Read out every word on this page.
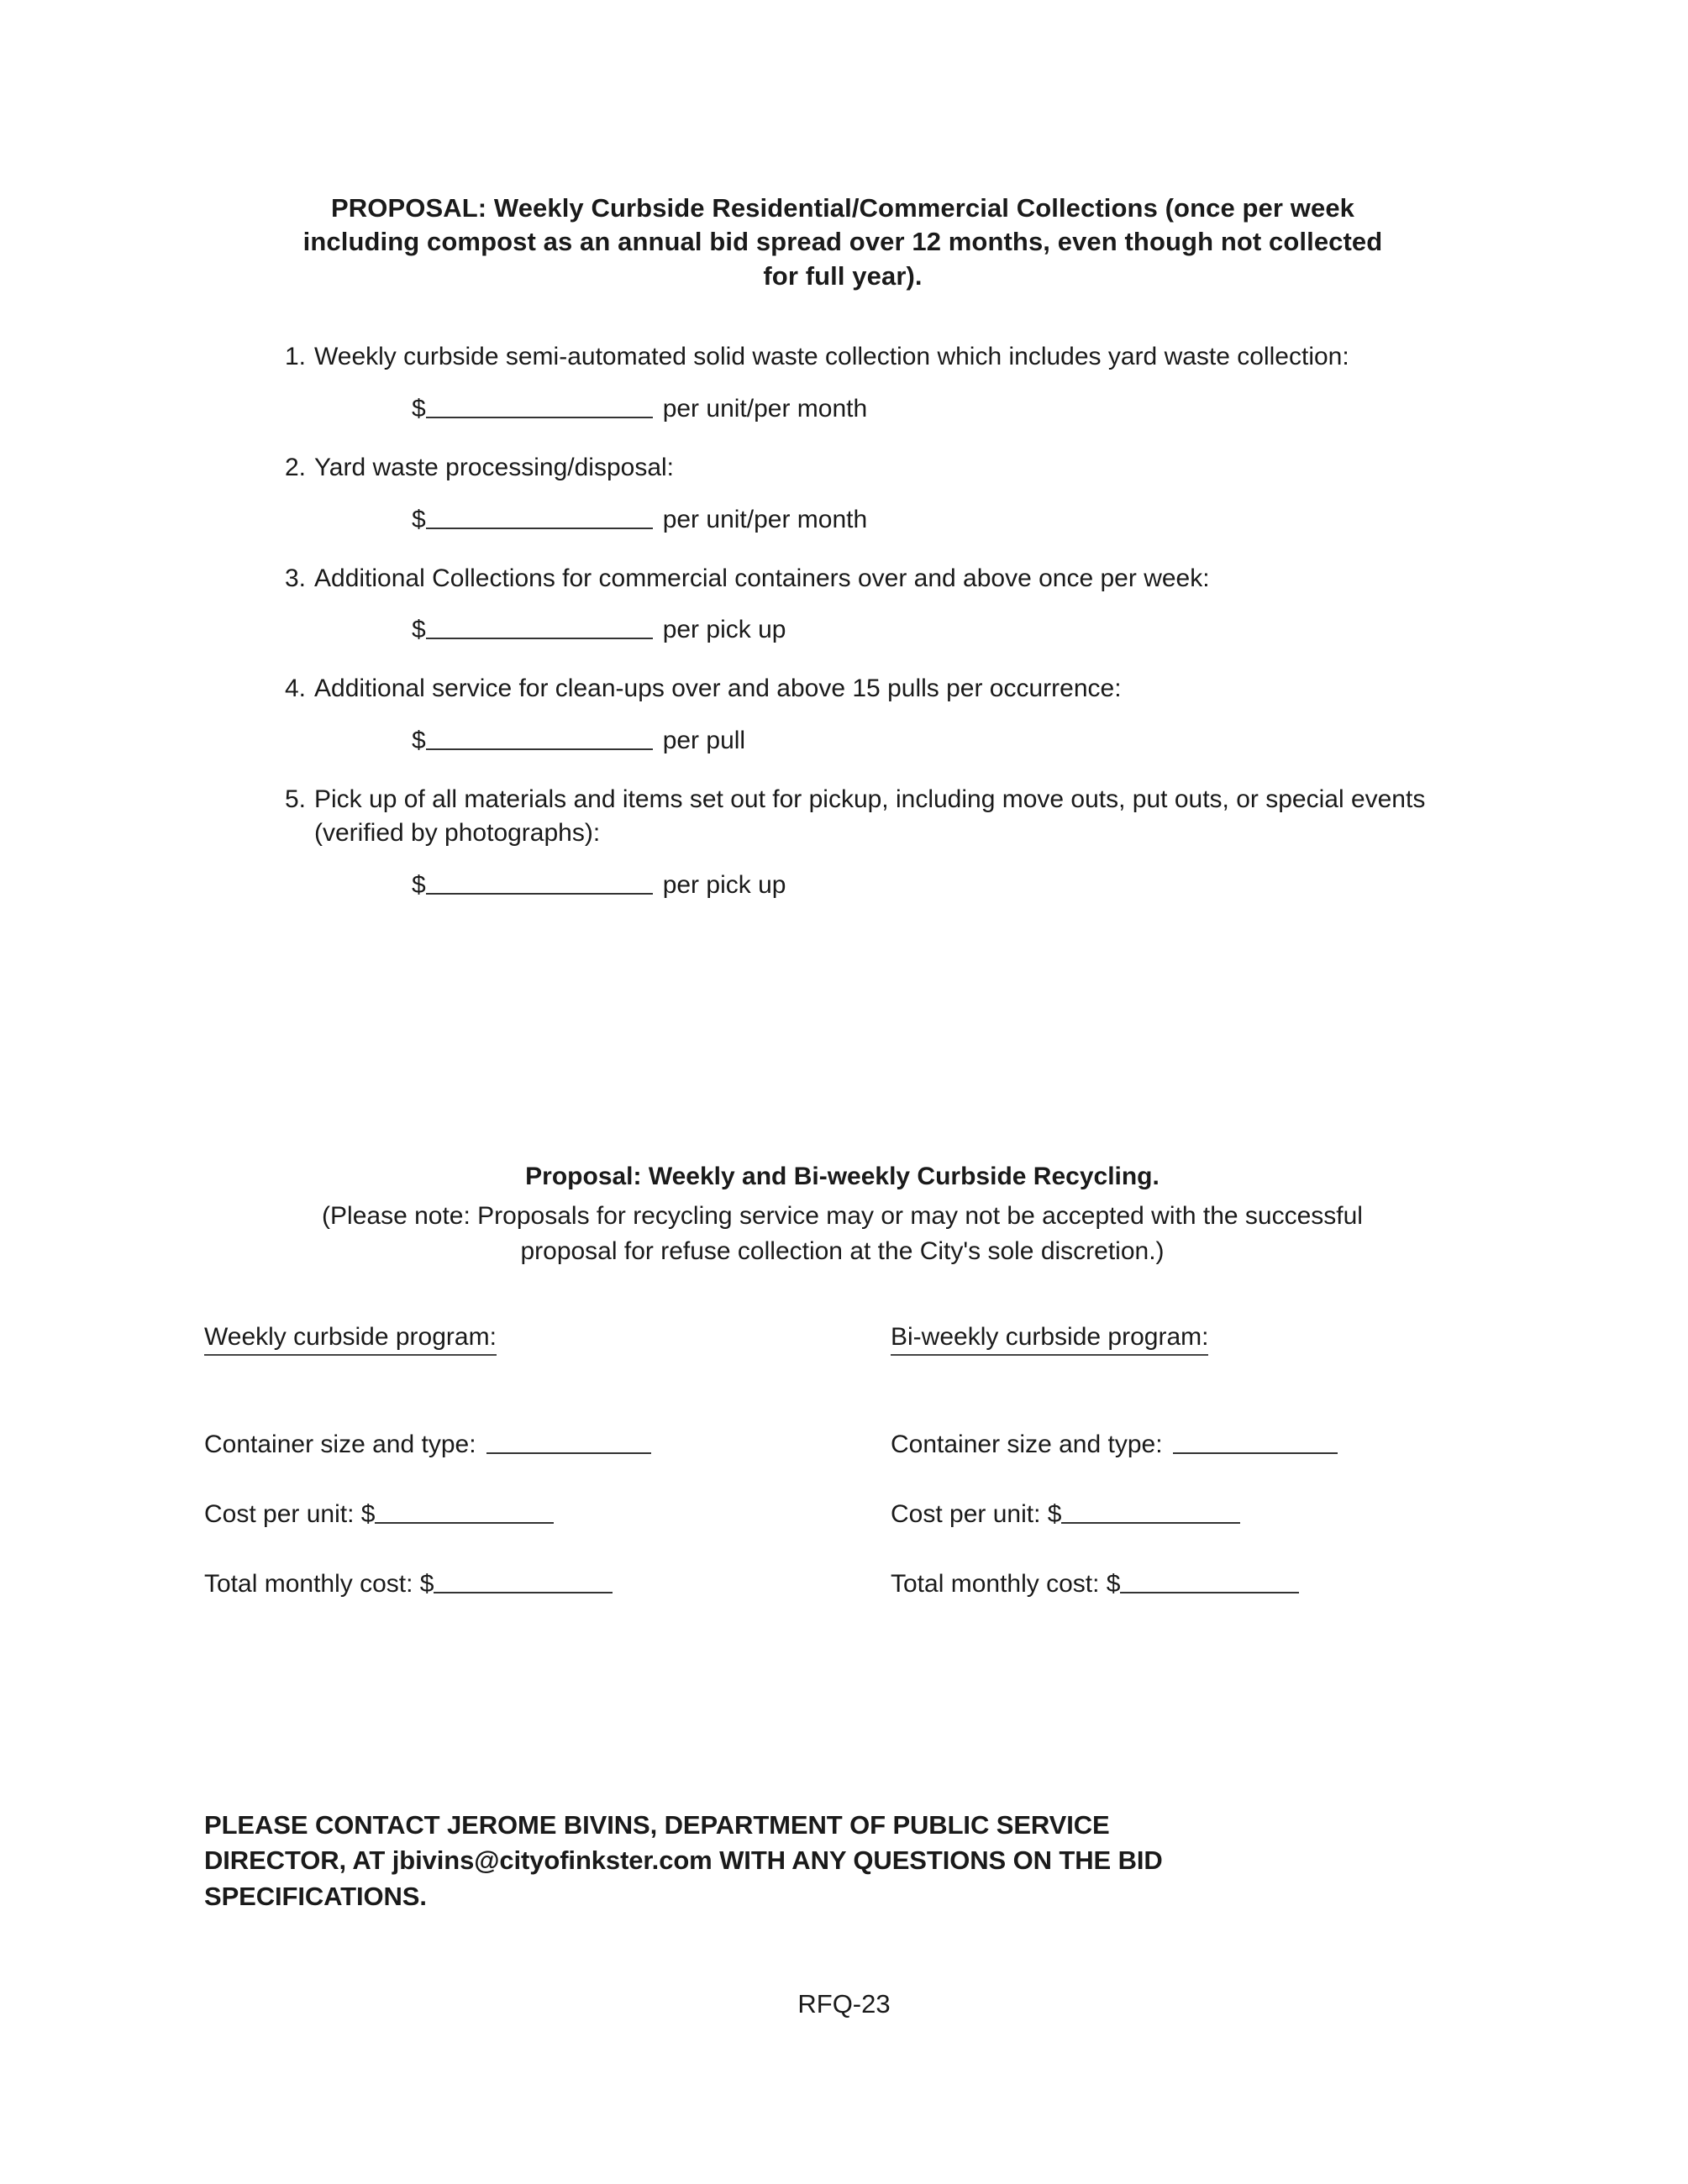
PROPOSAL: Weekly Curbside Residential/Commercial Collections (once per week
including compost as an annual bid spread over 12 months, even though not collected
for full year).
1. Weekly curbside semi-automated solid waste collection which includes yard waste collection:
$	per unit/per month
2. Yard waste processing/disposal:
$	per unit/per month
3. Additional Collections for commercial containers over and above once per week:
$	per pick up
4. Additional service for clean-ups over and above 15 pulls per occurrence:
$	per pull
5. Pick up of all materials and items set out for pickup, including move outs, put outs, or special events (verified by photographs):
$	per pick up
Proposal: Weekly and Bi-weekly Curbside Recycling.
(Please note: Proposals for recycling service may or may not be accepted with the successful
proposal for refuse collection at the City's sole discretion.)
Weekly curbside program:
Container size and type:
Cost per unit: $
Total monthly cost: $
Bi-weekly curbside program:
Container size and type:
Cost per unit: $
Total monthly cost: $
PLEASE CONTACT JEROME BIVINS, DEPARTMENT OF PUBLIC SERVICE
DIRECTOR, AT jbivins@cityofinkster.com WITH ANY QUESTIONS ON THE BID
SPECIFICATIONS.
RFQ-23
